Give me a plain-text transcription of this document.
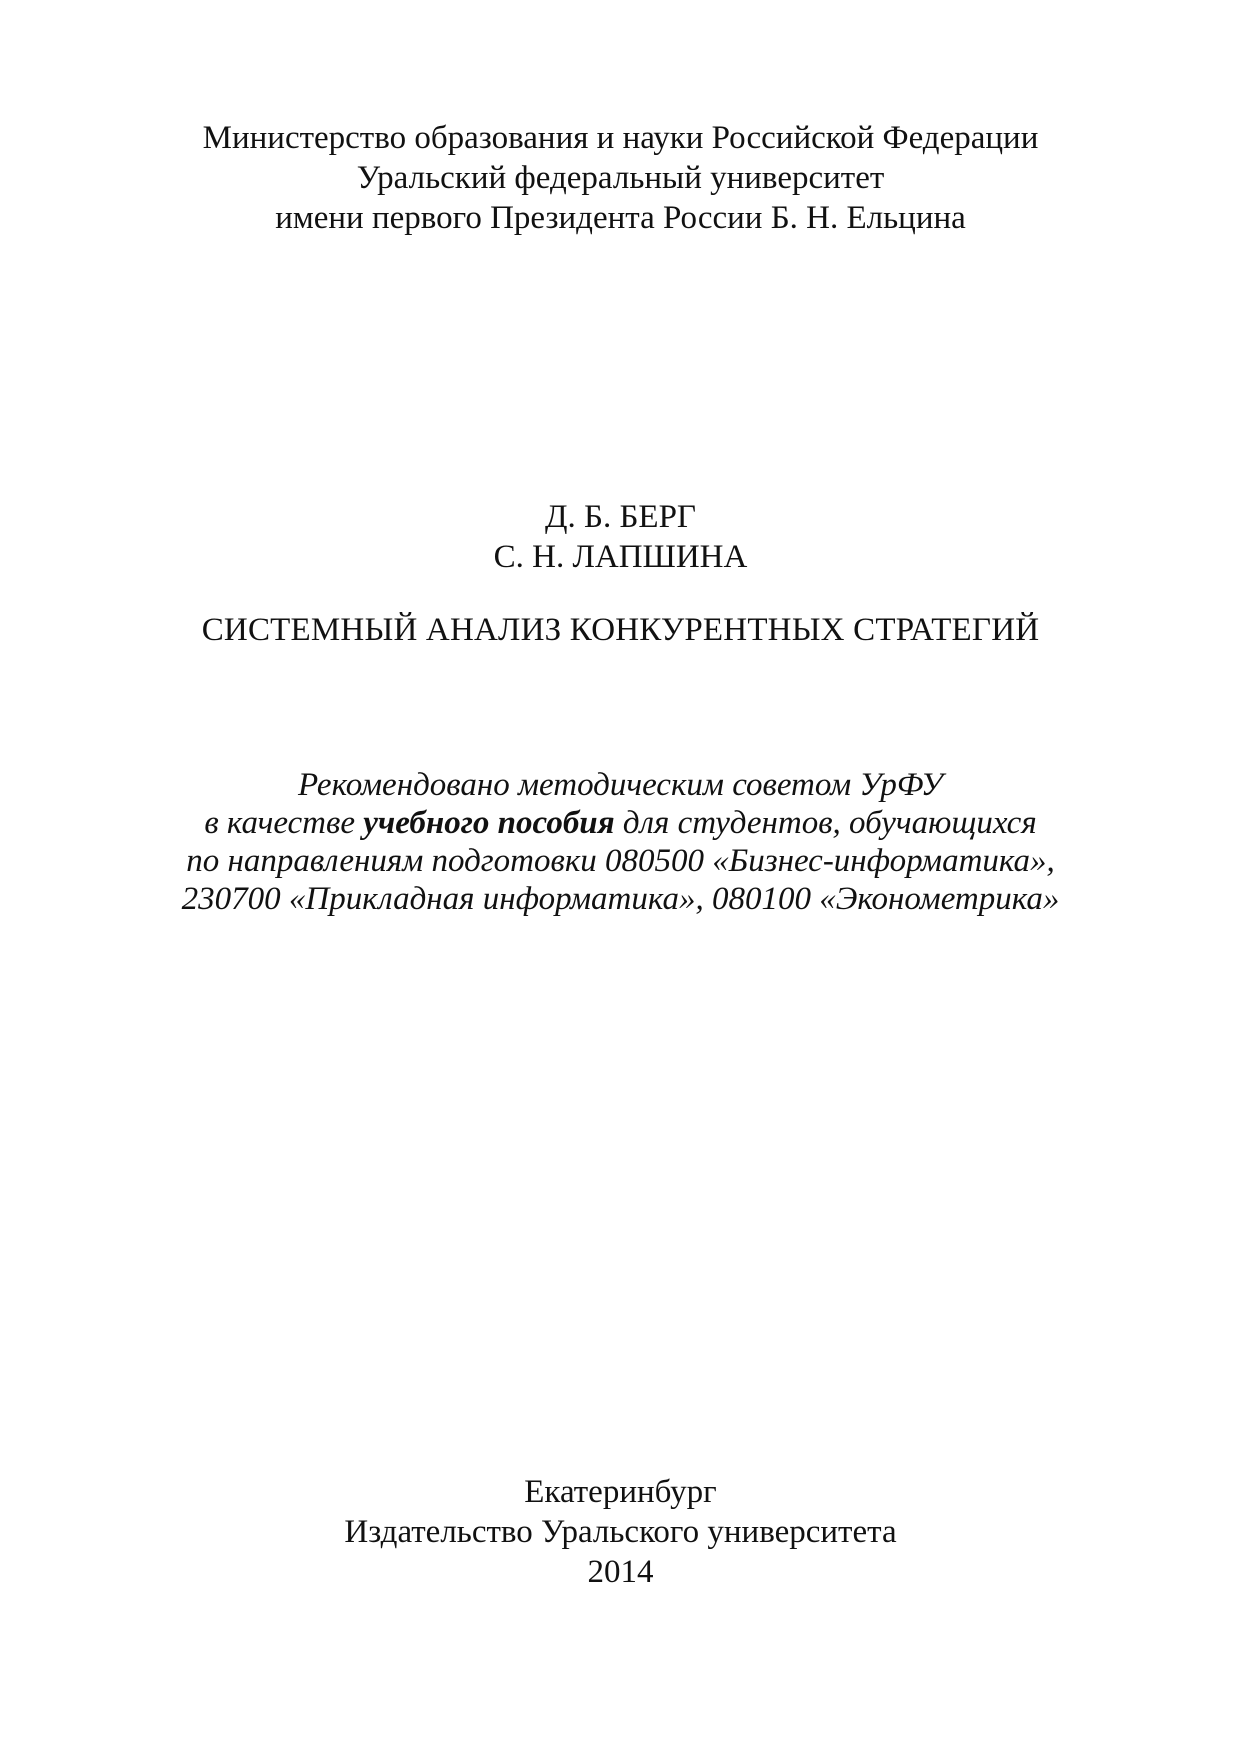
Министерство образования и науки Российской Федерации
Уральский федеральный университет
имени первого Президента России Б. Н. Ельцина
Д. Б. БЕРГ
С. Н. ЛАПШИНА
СИСТЕМНЫЙ АНАЛИЗ КОНКУРЕНТНЫХ СТРАТЕГИЙ
Рекомендовано методическим советом УрФУ
в качестве учебного пособия для студентов, обучающихся
по направлениям подготовки 080500 «Бизнес-информатика»,
230700 «Прикладная информатика», 080100 «Эконометрика»
Екатеринбург
Издательство Уральского университета
2014
